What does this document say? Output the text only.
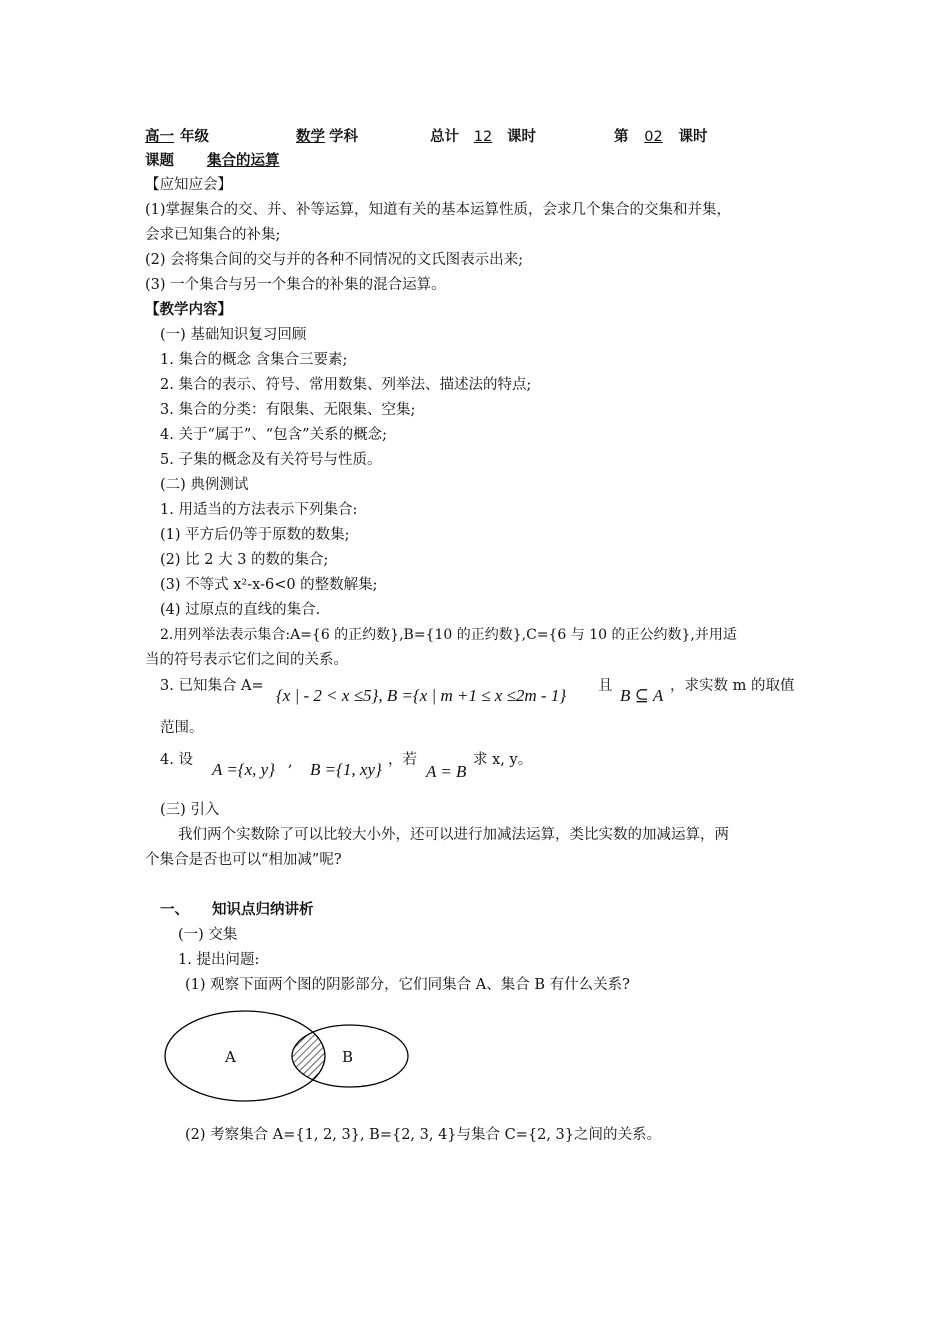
高一 年级	数学 学科	总计 12 课时	第 02 课时
课题 集合的运算
【应知应会】
(1)掌握集合的交、并、补等运算，知道有关的基本运算性质，会求几个集合的交集和并集，
会求已知集合的补集;
(2) 会将集合间的交与并的各种不同情况的文氏图表示出来;
(3) 一个集合与另一个集合的补集的混合运算。
【教学内容】
(一) 基础知识复习回顾
1. 集合的概念 含集合三要素;
2. 集合的表示、符号、常用数集、列举法、描述法的特点;
3. 集合的分类：有限集、无限集、空集;
4. 关于“属于”、“包含”关系的概念;
5. 子集的概念及有关符号与性质。
(二) 典例测试
1. 用适当的方法表示下列集合:
(1) 平方后仍等于原数的数集;
(2) 比 2 大 3 的数的集合;
(3) 不等式 x²-x-6<0 的整数解集;
(4) 过原点的直线的集合.
2.用列举法表示集合:A={6 的正约数},B={10 的正约数},C={6 与 10 的正公约数},并用适
当的符号表示它们之间的关系。
3. 已知集合 A= {x | - 2 < x ≤5}, B ={x | m +1 ≤ x ≤2m - 1} 且 B ⊆ A ，求实数 m 的取值
范围。
4. 设 A ={x, y} , B ={1, xy} ，若
A = B
求 x, y。
(三) 引入
我们两个实数除了可以比较大小外，还可以进行加减法运算，类比实数的加减运算，两
个集合是否也可以“相加减”呢?
一、 知识点归纳讲析
(一) 交集
1. 提出问题:
(1) 观察下面两个图的阴影部分，它们同集合 A、集合 B 有什么关系?
A	B
(2) 考察集合 A={1, 2, 3}, B={2, 3, 4}与集合 C={2, 3}之间的关系。
